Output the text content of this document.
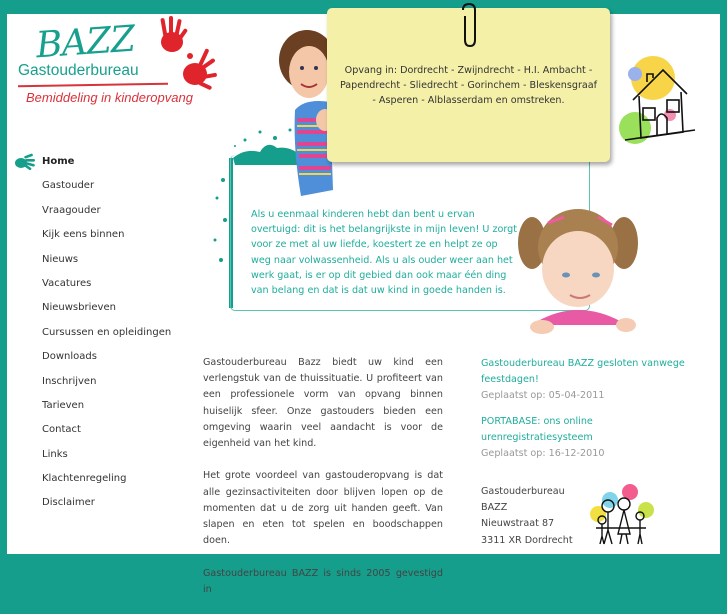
BAZZ
Gastouderbureau
Bemiddeling in kinderopvang
Home
Gastouder
Vraagouder
Kijk eens binnen
Nieuws
Vacatures
Nieuwsbrieven
Cursussen en opleidingen
Downloads
Inschrijven
Tarieven
Contact
Links
Klachtenregeling
Disclaimer
Opvang in: Dordrecht - Zwijndrecht - H.I. Ambacht - Papendrecht - Sliedrecht - Gorinchem - Bleskensgraaf - Asperen - Alblasserdam en omstreken.
Als u eenmaal kinderen hebt dan bent u ervan overtuigd: dit is het belangrijkste in mijn leven! U zorgt voor ze met al uw liefde, koestert ze en helpt ze op weg naar volwassenheid. Als u als ouder weer aan het werk gaat, is er op dit gebied dan ook maar één ding van belang en dat is dat uw kind in goede handen is.

Gastouderbureau Bazz biedt uw kind een verlengstuk van de thuissituatie. U profiteert van een professionele vorm van opvang binnen huiselijk sfeer. Onze gastouders bieden een omgeving waarin veel aandacht is voor de eigenheid van het kind.

Het grote voordeel van gastouderopvang is dat alle gezinsactiviteiten door blijven lopen op de momenten dat u de zorg uit handen geeft. Van slapen en eten tot spelen en boodschappen doen.

Gastouderbureau BAZZ is sinds 2005 gevestigd in

Gastouderbureau BAZZ gesloten vanwege feestdagen!
Geplaatst op: 05-04-2011
PORTABASE: ons online urenregistratiesysteem
Geplaatst op: 16-12-2010
Gastouderbureau
BAZZ
Nieuwstraat 87
3311 XR Dordrecht
